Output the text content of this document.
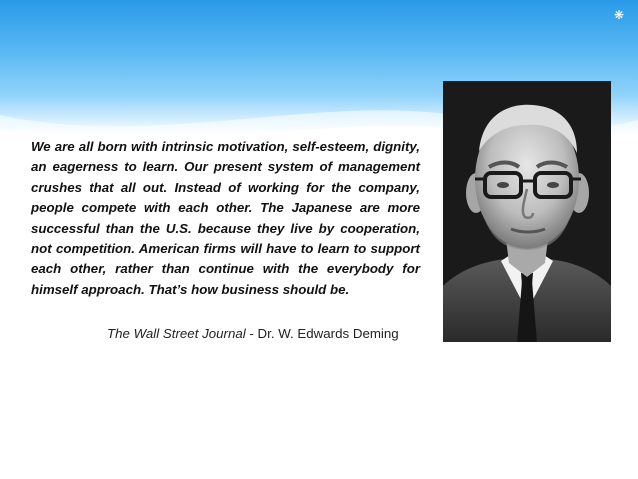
❋
We are all born with intrinsic motivation, self-esteem, dignity, an eagerness to learn. Our present system of management crushes that all out. Instead of working for the company, people compete with each other. The Japanese are more successful than the U.S. because they live by cooperation, not competition. American firms will have to learn to support each other, rather than continue with the everybody for himself approach. That’s how business should be.
The Wall Street Journal - Dr. W. Edwards Deming
